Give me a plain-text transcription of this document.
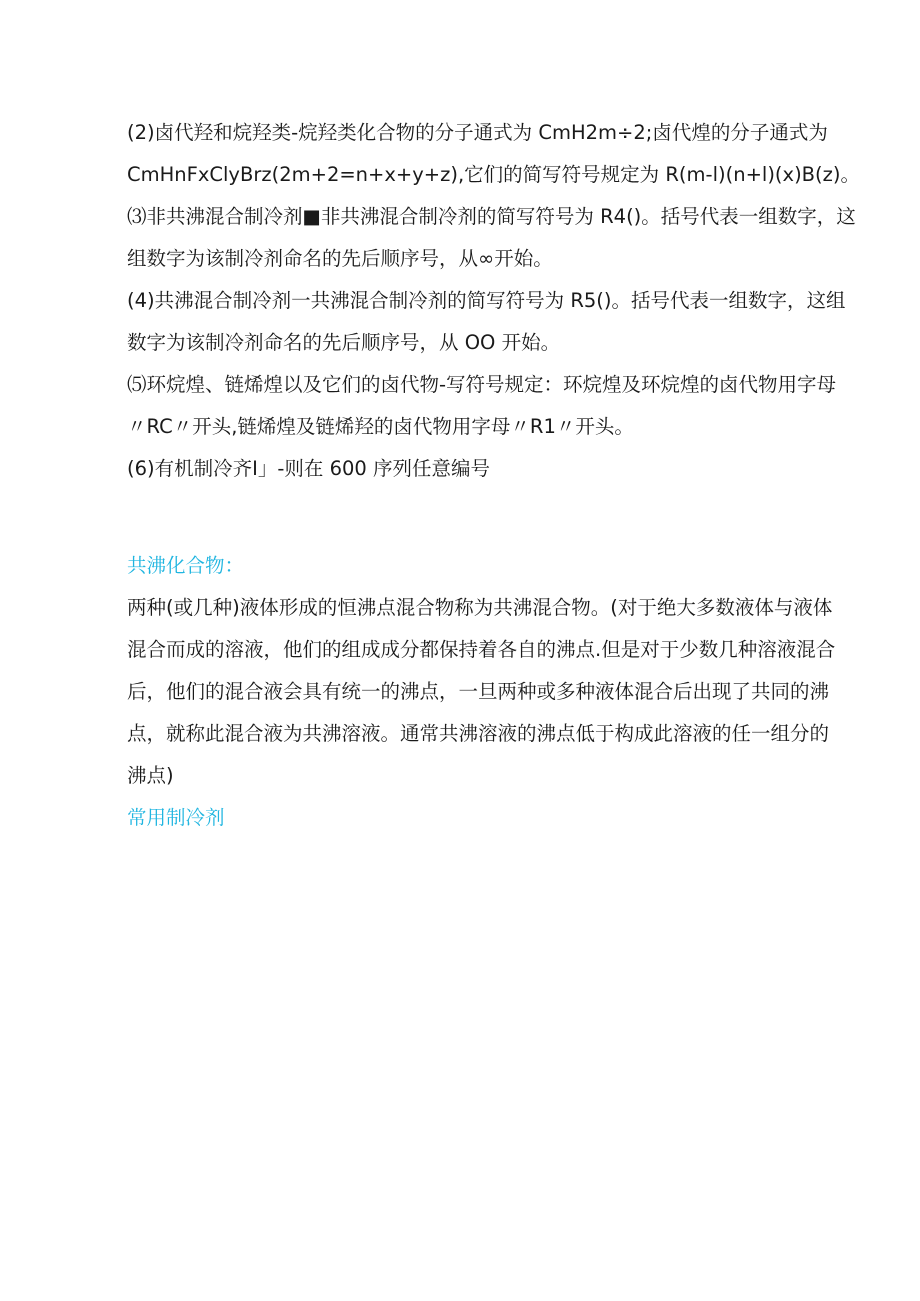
(2)卤代羟和烷羟类-烷羟类化合物的分子通式为 CmH2m÷2;卤代煌的分子通式为
CmHnFxClyBrz(2m+2=n+x+y+z),它们的简写符号规定为 R(m-l)(n+l)(x)B(z)。
⑶非共沸混合制冷剂■非共沸混合制冷剂的简写符号为 R4()。括号代表一组数字，这
组数字为该制冷剂命名的先后顺序号，从∞开始。
(4)共沸混合制冷剂一共沸混合制冷剂的简写符号为 R5()。括号代表一组数字，这组
数字为该制冷剂命名的先后顺序号，从 OO 开始。
⑸环烷煌、链烯煌以及它们的卤代物-写符号规定：环烷煌及环烷煌的卤代物用字母
〃RC〃开头,链烯煌及链烯羟的卤代物用字母〃R1〃开头。
(6)有机制冷齐I」-则在 600 序列任意编号
共沸化合物：
两种(或几种)液体形成的恒沸点混合物称为共沸混合物。(对于绝大多数液体与液体
混合而成的溶液，他们的组成成分都保持着各自的沸点.但是对于少数几种溶液混合
后，他们的混合液会具有统一的沸点，一旦两种或多种液体混合后出现了共同的沸
点，就称此混合液为共沸溶液。通常共沸溶液的沸点低于构成此溶液的任一组分的
沸点)
常用制冷剂
